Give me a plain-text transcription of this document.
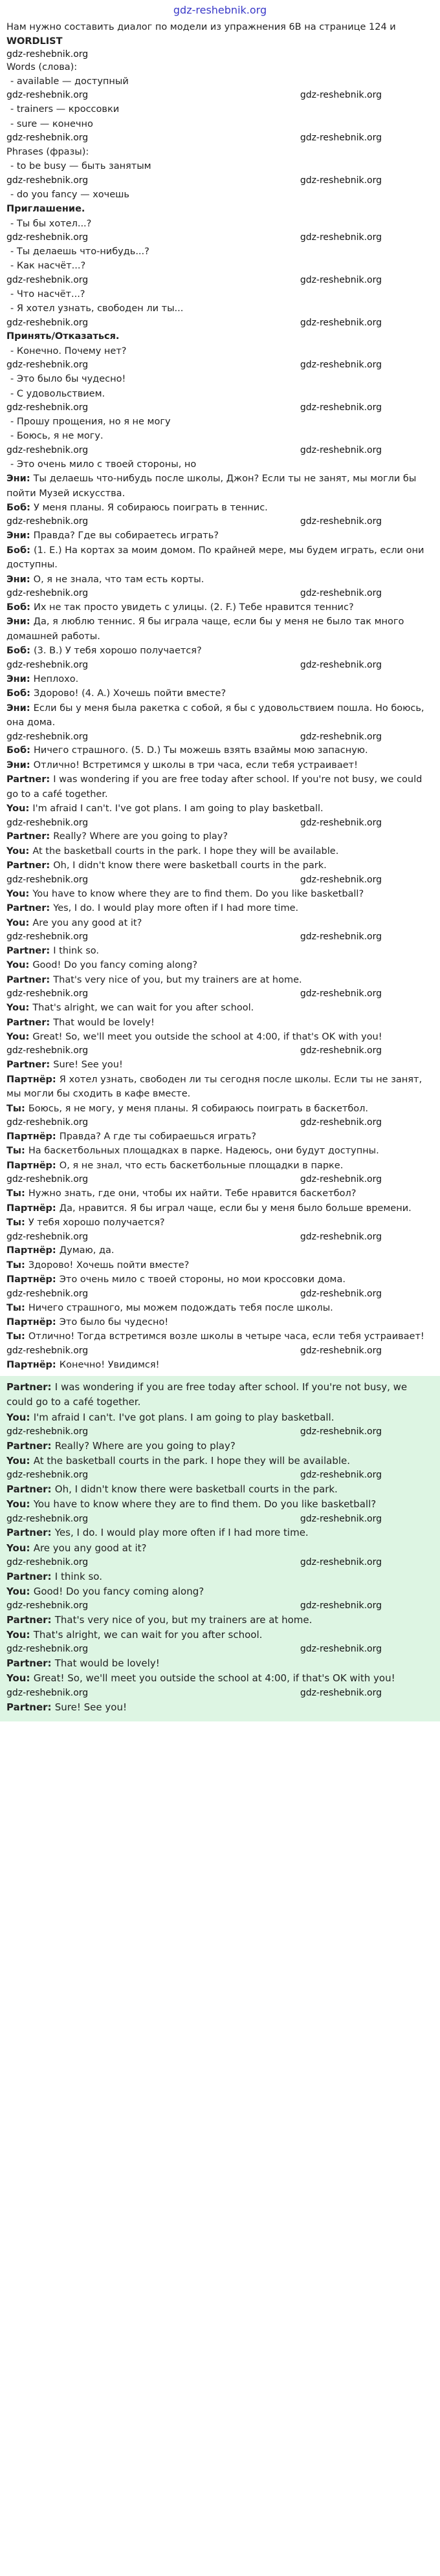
gdz-reshebnik.org

Нам нужно составить диалог по модели из упражнения 6B на странице 124 и

WORDLIST

gdz-reshebnik.org

Words (слова):

- available — доступный

gdz-reshebnik.org	gdz-reshebnik.org

- trainers — кроссовки

- sure — конечно

gdz-reshebnik.org	gdz-reshebnik.org

Phrases (фразы):

- to be busy — быть занятым

gdz-reshebnik.org	gdz-reshebnik.org

- do you fancy — хочешь

Приглашение.

- Ты бы хотел...?

gdz-reshebnik.org	gdz-reshebnik.org

- Ты делаешь что-нибудь...?

- Как насчёт...?

gdz-reshebnik.org	gdz-reshebnik.org

- Что насчёт...?

- Я хотел узнать, свободен ли ты...

gdz-reshebnik.org	gdz-reshebnik.org

Принять/Отказаться.

- Конечно. Почему нет?

gdz-reshebnik.org	gdz-reshebnik.org

- Это было бы чудесно!

- С удовольствием.

gdz-reshebnik.org	gdz-reshebnik.org

- Прошу прощения, но я не могу

- Боюсь, я не могу.

gdz-reshebnik.org	gdz-reshebnik.org

- Это очень мило с твоей стороны, но

Эни: Ты делаешь что-нибудь после школы, Джон? Если ты не занят, мы могли бы пойти Музей искусства.

Боб: У меня планы. Я собираюсь поиграть в теннис.

gdz-reshebnik.org	gdz-reshebnik.org

Эни: Правда? Где вы собираетесь играть?

Боб: (1. E.) На кортах за моим домом. По крайней мере, мы будем играть, если они доступны.

Эни: О, я не знала, что там есть корты.

gdz-reshebnik.org	gdz-reshebnik.org

Боб: Их не так просто увидеть с улицы. (2. F.) Тебе нравится теннис?

Эни: Да, я люблю теннис. Я бы играла чаще, если бы у меня не было так много домашней работы.

Боб: (3. B.) У тебя хорошо получается?

gdz-reshebnik.org	gdz-reshebnik.org

Эни: Неплохо.

Боб: Здорово! (4. A.) Хочешь пойти вместе?

Эни: Если бы у меня была ракетка с собой, я бы с удовольствием пошла. Но боюсь, она дома.

gdz-reshebnik.org	gdz-reshebnik.org

Боб: Ничего страшного. (5. D.) Ты можешь взять взаймы мою запасную.

Эни: Отлично! Встретимся у школы в три часа, если тебя устраивает!

Partner: I was wondering if you are free today after school. If you're not busy, we could go to a café together.

You: I'm afraid I can't. I've got plans. I am going to play basketball.

gdz-reshebnik.org	gdz-reshebnik.org

Partner: Really? Where are you going to play?

You: At the basketball courts in the park. I hope they will be available.

Partner: Oh, I didn't know there were basketball courts in the park.

gdz-reshebnik.org	gdz-reshebnik.org

You: You have to know where they are to find them. Do you like basketball?

Partner: Yes, I do. I would play more often if I had more time.

You: Are you any good at it?

gdz-reshebnik.org	gdz-reshebnik.org

Partner: I think so.

You: Good! Do you fancy coming along?

Partner: That's very nice of you, but my trainers are at home.

gdz-reshebnik.org	gdz-reshebnik.org

You: That's alright, we can wait for you after school.

Partner: That would be lovely!

You: Great! So, we'll meet you outside the school at 4:00, if that's OK with you!

gdz-reshebnik.org	gdz-reshebnik.org

Partner: Sure! See you!

Партнёр: Я хотел узнать, свободен ли ты сегодня после школы. Если ты не занят, мы могли бы сходить в кафе вместе.

Ты: Боюсь, я не могу, у меня планы. Я собираюсь поиграть в баскетбол.

gdz-reshebnik.org	gdz-reshebnik.org

Партнёр: Правда? А где ты собираешься играть?

Ты: На баскетбольных площадках в парке. Надеюсь, они будут доступны.

Партнёр: О, я не знал, что есть баскетбольные площадки в парке.

gdz-reshebnik.org	gdz-reshebnik.org

Ты: Нужно знать, где они, чтобы их найти. Тебе нравится баскетбол?

Партнёр: Да, нравится. Я бы играл чаще, если бы у меня было больше времени.

Ты: У тебя хорошо получается?

gdz-reshebnik.org	gdz-reshebnik.org

Партнёр: Думаю, да.

Ты: Здорово! Хочешь пойти вместе?

Партнёр: Это очень мило с твоей стороны, но мои кроссовки дома.

gdz-reshebnik.org	gdz-reshebnik.org

Ты: Ничего страшного, мы можем подождать тебя после школы.

Партнёр: Это было бы чудесно!

Ты: Отлично! Тогда встретимся возле школы в четыре часа, если тебя устраивает!

gdz-reshebnik.org	gdz-reshebnik.org

Партнёр: Конечно! Увидимся!

Partner: I was wondering if you are free today after school. If you're not busy, we could go to a café together.

You: I'm afraid I can't. I've got plans. I am going to play basketball.

gdz-reshebnik.org	gdz-reshebnik.org

Partner: Really? Where are you going to play?

You: At the basketball courts in the park. I hope they will be available.

gdz-reshebnik.org	gdz-reshebnik.org

Partner: Oh, I didn't know there were basketball courts in the park.

You: You have to know where they are to find them. Do you like basketball?

gdz-reshebnik.org	gdz-reshebnik.org

Partner: Yes, I do. I would play more often if I had more time.

You: Are you any good at it?

gdz-reshebnik.org	gdz-reshebnik.org

Partner: I think so.

You: Good! Do you fancy coming along?

gdz-reshebnik.org	gdz-reshebnik.org

Partner: That's very nice of you, but my trainers are at home.

You: That's alright, we can wait for you after school.

gdz-reshebnik.org	gdz-reshebnik.org

Partner: That would be lovely!

You: Great! So, we'll meet you outside the school at 4:00, if that's OK with you!

gdz-reshebnik.org	gdz-reshebnik.org

Partner: Sure! See you!
